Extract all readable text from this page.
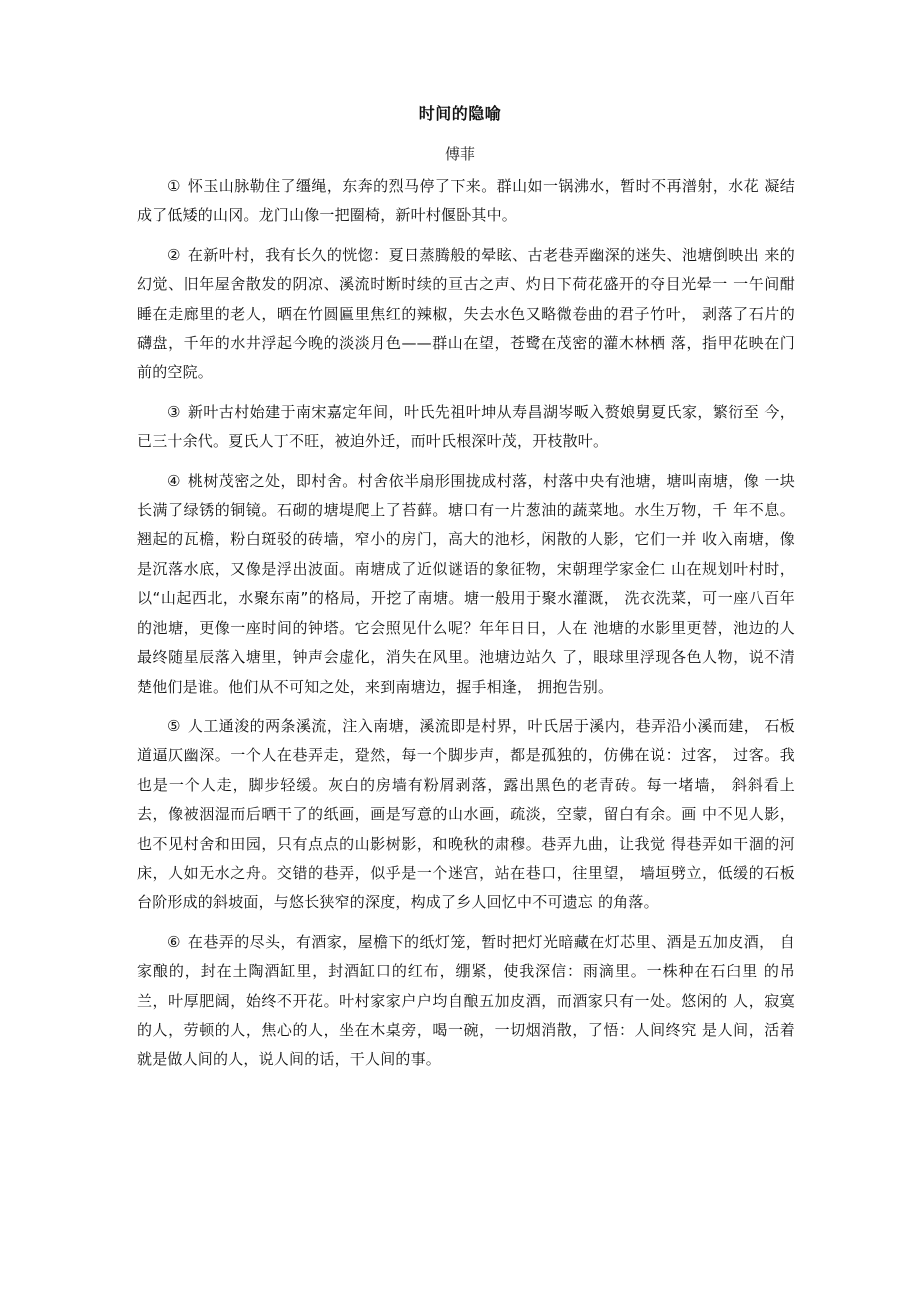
时间的隐喻
傅菲

① 怀玉山脉勒住了缰绳，东奔的烈马停了下来。群山如一锅沸水，暂时不再潽射，水花 凝结成了低矮的山冈。龙门山像一把圈椅，新叶村偃卧其中。

② 在新叶村，我有长久的恍惚：夏日蒸腾般的晕眩、古老巷弄幽深的迷失、池塘倒映出 来的幻觉、旧年屋舍散发的阴凉、溪流时断时续的亘古之声、灼日下荷花盛开的夺目光晕一 一午间酣睡在走廊里的老人，晒在竹圆匾里焦红的辣椒，失去水色又略微卷曲的君子竹叶， 剥落了石片的礴盘，千年的水井浮起今晚的淡淡月色——群山在望，苍鹭在茂密的灌木林栖 落，指甲花映在门前的空院。

③ 新叶古村始建于南宋嘉定年间，叶氏先祖叶坤从寿昌湖岑畈入赘娘舅夏氏家，繁衍至 今，已三十余代。夏氏人丁不旺，被迫外迁，而叶氏根深叶茂，开枝散叶。

④ 桃树茂密之处，即村舍。村舍依半扇形围拢成村落，村落中央有池塘，塘叫南塘，像 一块长满了绿锈的铜镜。石砌的塘堤爬上了苔藓。塘口有一片葱油的蔬菜地。水生万物，千 年不息。翘起的瓦檐，粉白斑驳的砖墙，窄小的房门，高大的池杉，闲散的人影，它们一并 收入南塘，像是沉落水底，又像是浮出波面。南塘成了近似谜语的象征物，宋朝理学家金仁 山在规划叶村时，以“山起西北，水聚东南”的格局，开挖了南塘。塘一般用于聚水灌溉， 洗衣洗菜，可一座八百年的池塘，更像一座时间的钟塔。它会照见什么呢？年年日日，人在 池塘的水影里更替，池边的人最终随星辰落入塘里，钟声会虚化，消失在风里。池塘边站久 了，眼球里浮现各色人物，说不清楚他们是谁。他们从不可知之处，来到南塘边，握手相逢， 拥抱告别。

⑤ 人工通浚的两条溪流，注入南塘，溪流即是村界，叶氏居于溪内，巷弄沿小溪而建， 石板道逼仄幽深。一个人在巷弄走，跫然，每一个脚步声，都是孤独的，仿佛在说：过客， 过客。我也是一个人走，脚步轻缓。灰白的房墙有粉屑剥落，露出黑色的老青砖。每一堵墙， 斜斜看上去，像被洇湿而后晒干了的纸画，画是写意的山水画，疏淡，空蒙，留白有余。画 中不见人影，也不见村舍和田园，只有点点的山影树影，和晚秋的肃穆。巷弄九曲，让我觉 得巷弄如干涸的河床，人如无水之舟。交错的巷弄，似乎是一个迷宫，站在巷口，往里望， 墙垣劈立，低缓的石板台阶形成的斜坡面，与悠长狭窄的深度，构成了乡人回忆中不可遗忘 的角落。

⑥ 在巷弄的尽头，有酒家，屋檐下的纸灯笼，暂时把灯光暗藏在灯芯里、酒是五加皮酒， 自家酿的，封在土陶酒缸里，封酒缸口的红布，绷紧，使我深信：雨滴里。一株种在石臼里 的吊兰，叶厚肥阔，始终不开花。叶村家家户户均自酿五加皮酒，而酒家只有一处。悠闲的 人，寂寞的人，劳顿的人，焦心的人，坐在木桌旁，喝一碗，一切烟消散，了悟：人间终究 是人间，活着就是做人间的人，说人间的话，干人间的事。
